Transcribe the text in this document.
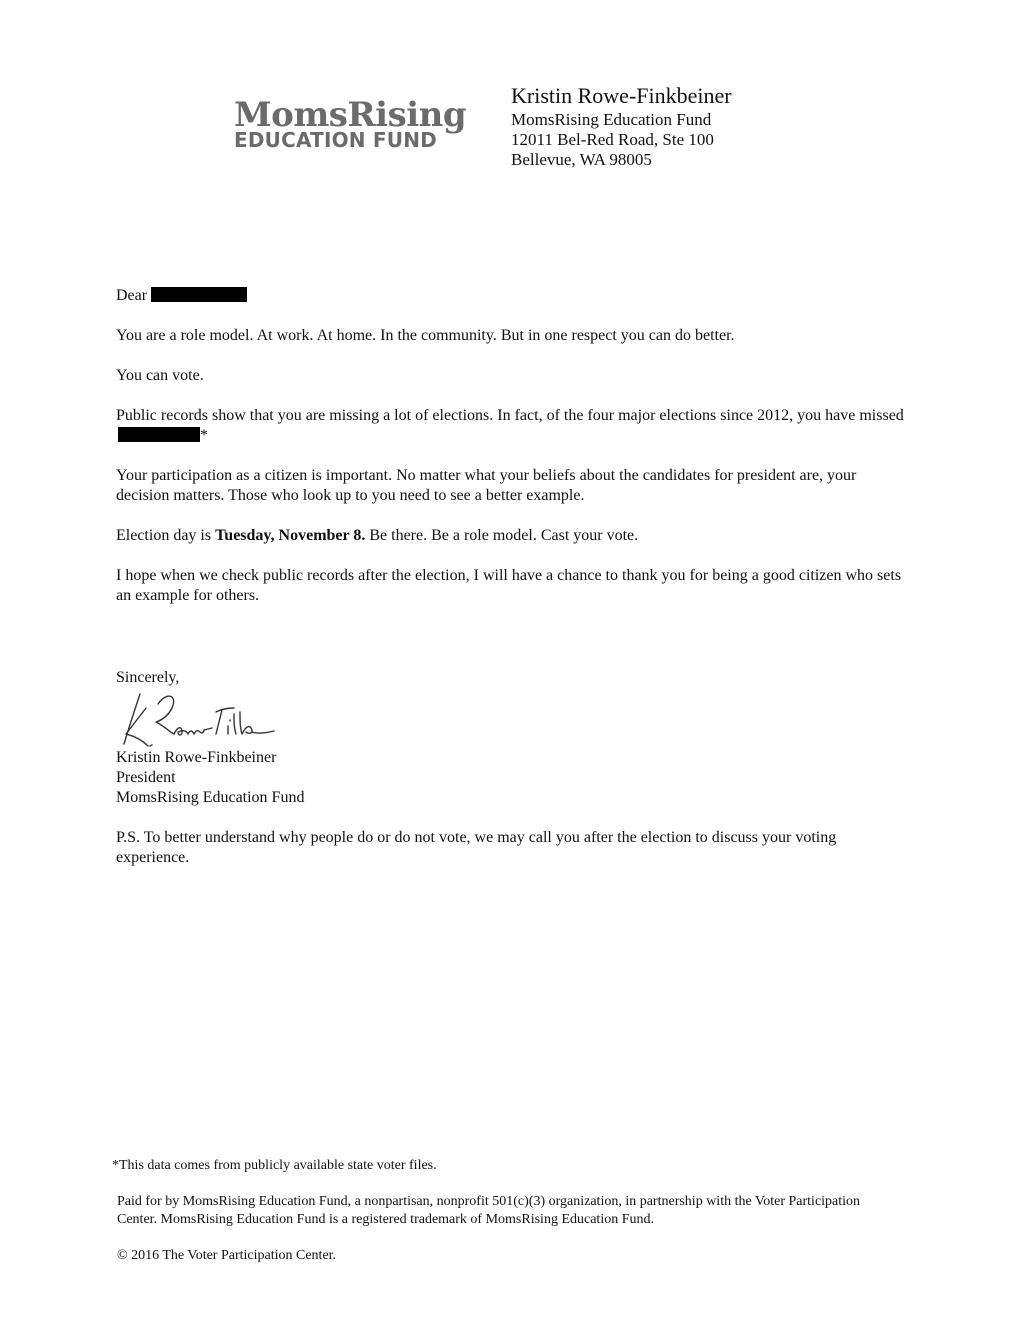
MomsRising
EDUCATION FUND
Kristin Rowe-Finkbeiner
MomsRising Education Fund
12011 Bel-Red Road, Ste 100
Bellevue, WA 98005

Dear

You are a role model. At work. At home. In the community. But in one respect you can do better.

You can vote.

Public records show that you are missing a lot of elections. In fact, of the four major elections since 2012, you have missed*

Your participation as a citizen is important. No matter what your beliefs about the candidates for president are, your decision matters. Those who look up to you need to see a better example.

Election day is Tuesday, November 8. Be there. Be a role model. Cast your vote.

I hope when we check public records after the election, I will have a chance to thank you for being a good citizen who sets an example for others.

Sincerely,
Kristin Rowe-Finkbeiner
President
MomsRising Education Fund
P.S. To better understand why people do or do not vote, we may call you after the election to discuss your voting experience.
*This data comes from publicly available state voter files.
Paid for by MomsRising Education Fund, a nonpartisan, nonprofit 501(c)(3) organization, in partnership with the Voter Participation Center. MomsRising Education Fund is a registered trademark of MomsRising Education Fund.
© 2016 The Voter Participation Center.
